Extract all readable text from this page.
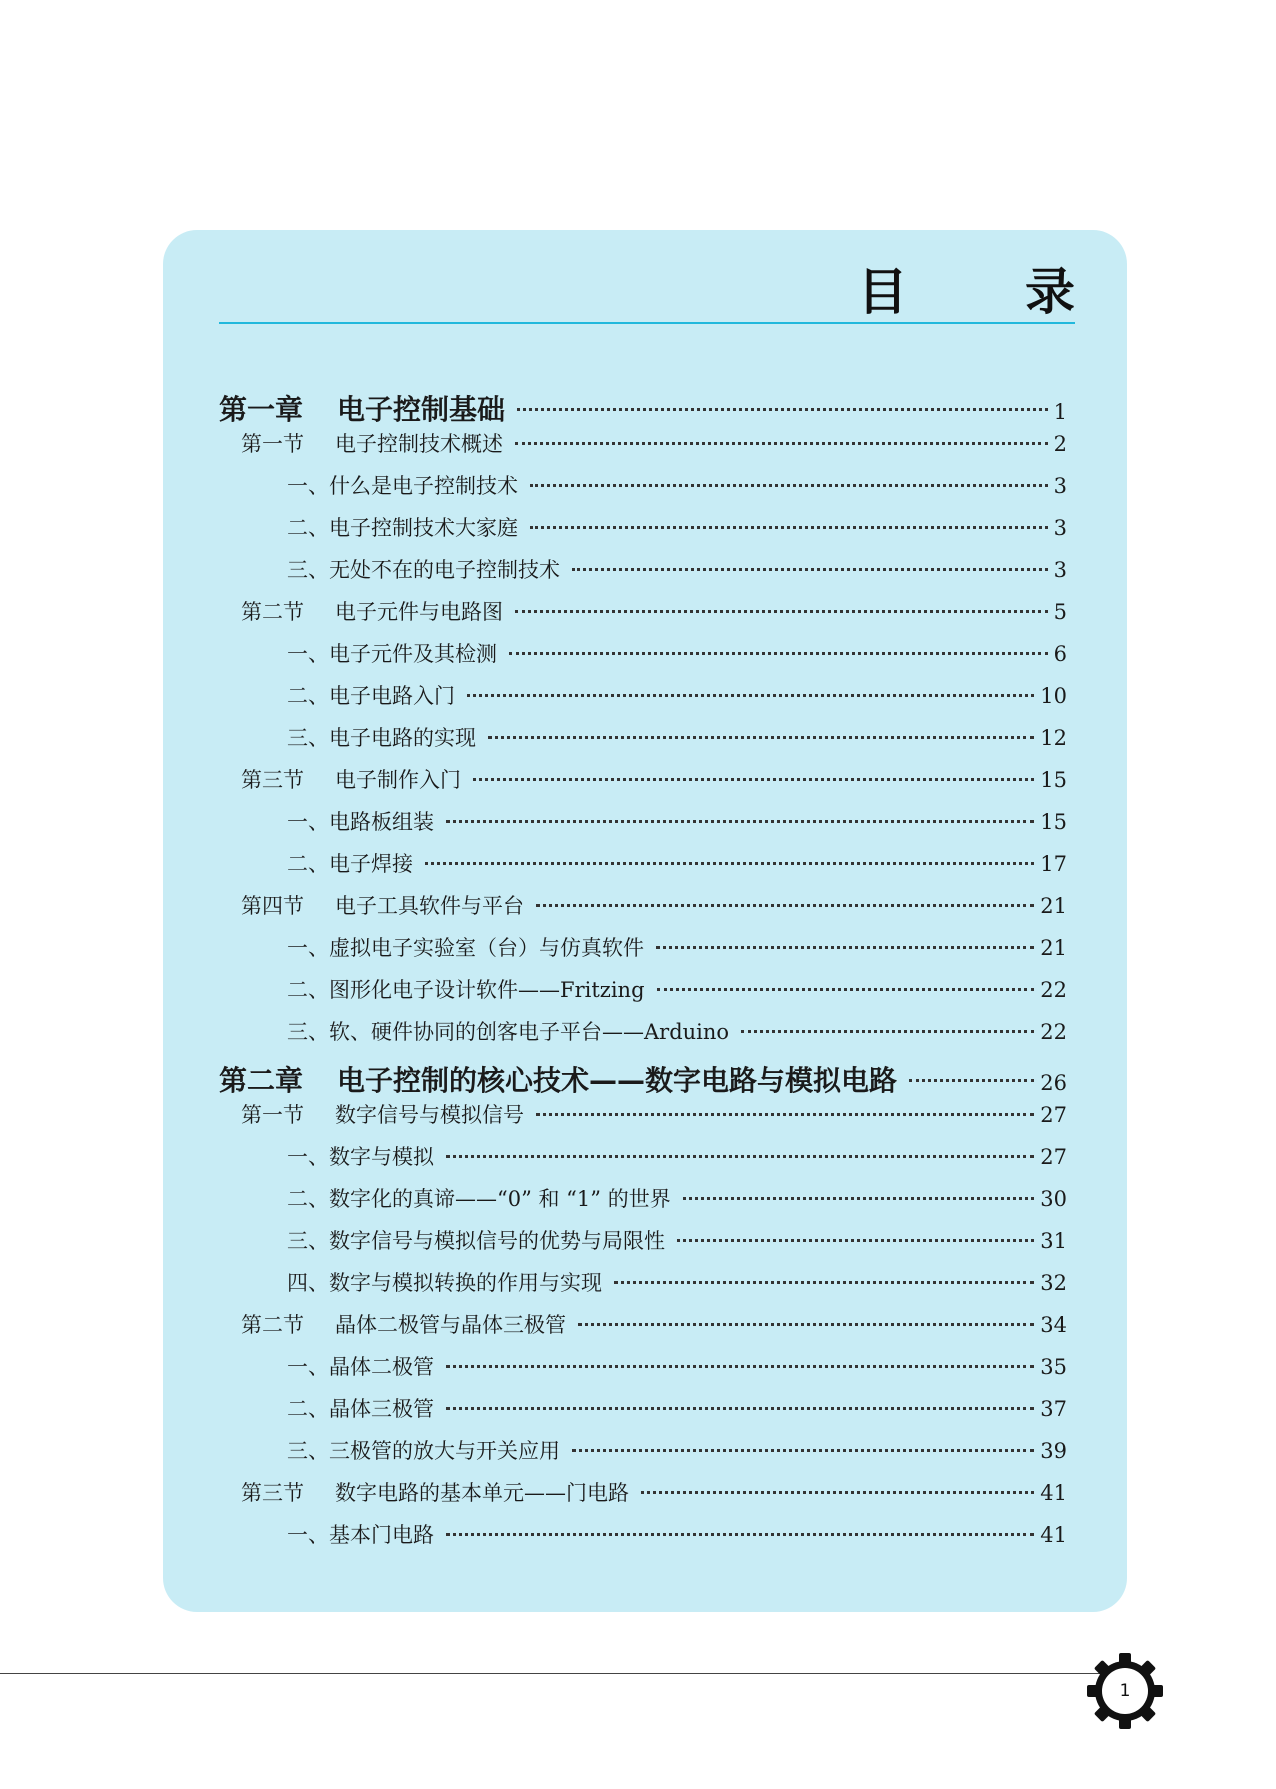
目 录
第一章 电子控制基础	1
第一节 电子控制技术概述	2
一、什么是电子控制技术	3
二、电子控制技术大家庭	3
三、无处不在的电子控制技术	3
第二节 电子元件与电路图	5
一、电子元件及其检测	6
二、电子电路入门	10
三、电子电路的实现	12
第三节 电子制作入门	15
一、电路板组装	15
二、电子焊接	17
第四节 电子工具软件与平台	21
一、虚拟电子实验室（台）与仿真软件	21
二、图形化电子设计软件——Fritzing	22
三、软、硬件协同的创客电子平台——Arduino	22
第二章 电子控制的核心技术——数字电路与模拟电路	26
第一节 数字信号与模拟信号	27
一、数字与模拟	27
二、数字化的真谛——“0” 和 “1” 的世界	30
三、数字信号与模拟信号的优势与局限性	31
四、数字与模拟转换的作用与实现	32
第二节 晶体二极管与晶体三极管	34
一、晶体二极管	35
二、晶体三极管	37
三、三极管的放大与开关应用	39
第三节 数字电路的基本单元——门电路	41
一、基本门电路	41
1
